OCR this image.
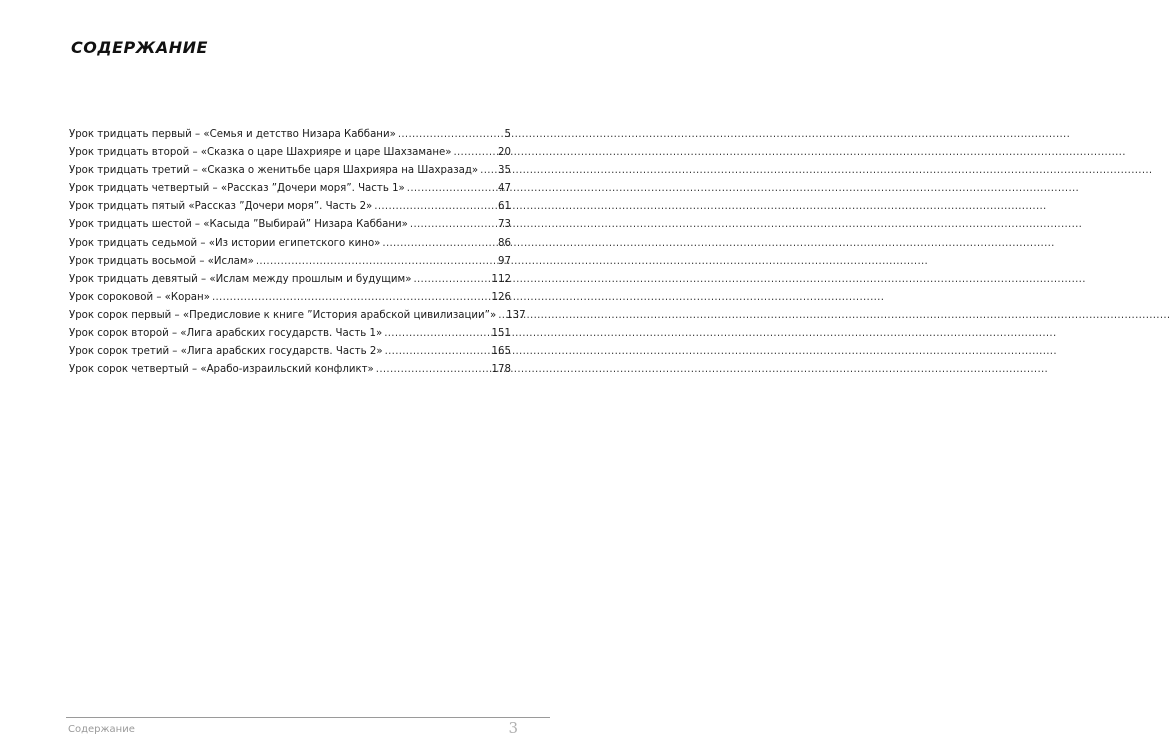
СОДЕРЖАНИЕ
Урок тридцать первый – «Семья и детство Низара Каббани» .....	5
Урок тридцать второй – «Сказка о царе Шахрияре и царе Шахзамане» .....	20
Урок тридцать третий – «Сказка о женитьбе царя Шахрияра на Шахразад» ..... 35
Урок тридцать четвертый – «Рассказ ”Дочери моря”. Часть 1» .....	47
Урок тридцать пятый «Рассказ ”Дочери моря”. Часть 2» .....	61
Урок тридцать шестой – «Касыда ”Выбирай” Низара Каббани» .....	73
Урок тридцать седьмой – «Из истории египетского кино» .....	86
Урок тридцать восьмой – «Ислам» .....	97
Урок тридцать девятый – «Ислам между прошлым и будущим» .....	112
Урок сороковой – «Коран» .....	126
Урок сорок первый – «Предисловие к книге ”История арабской цивилизации”» ..... 137
Урок сорок второй – «Лига арабских государств. Часть 1» .....	151
Урок сорок третий – «Лига арабских государств. Часть 2» .....	165
Урок сорок четвертый – «Арабо-израильский конфликт» .....	178
Содержание	3
